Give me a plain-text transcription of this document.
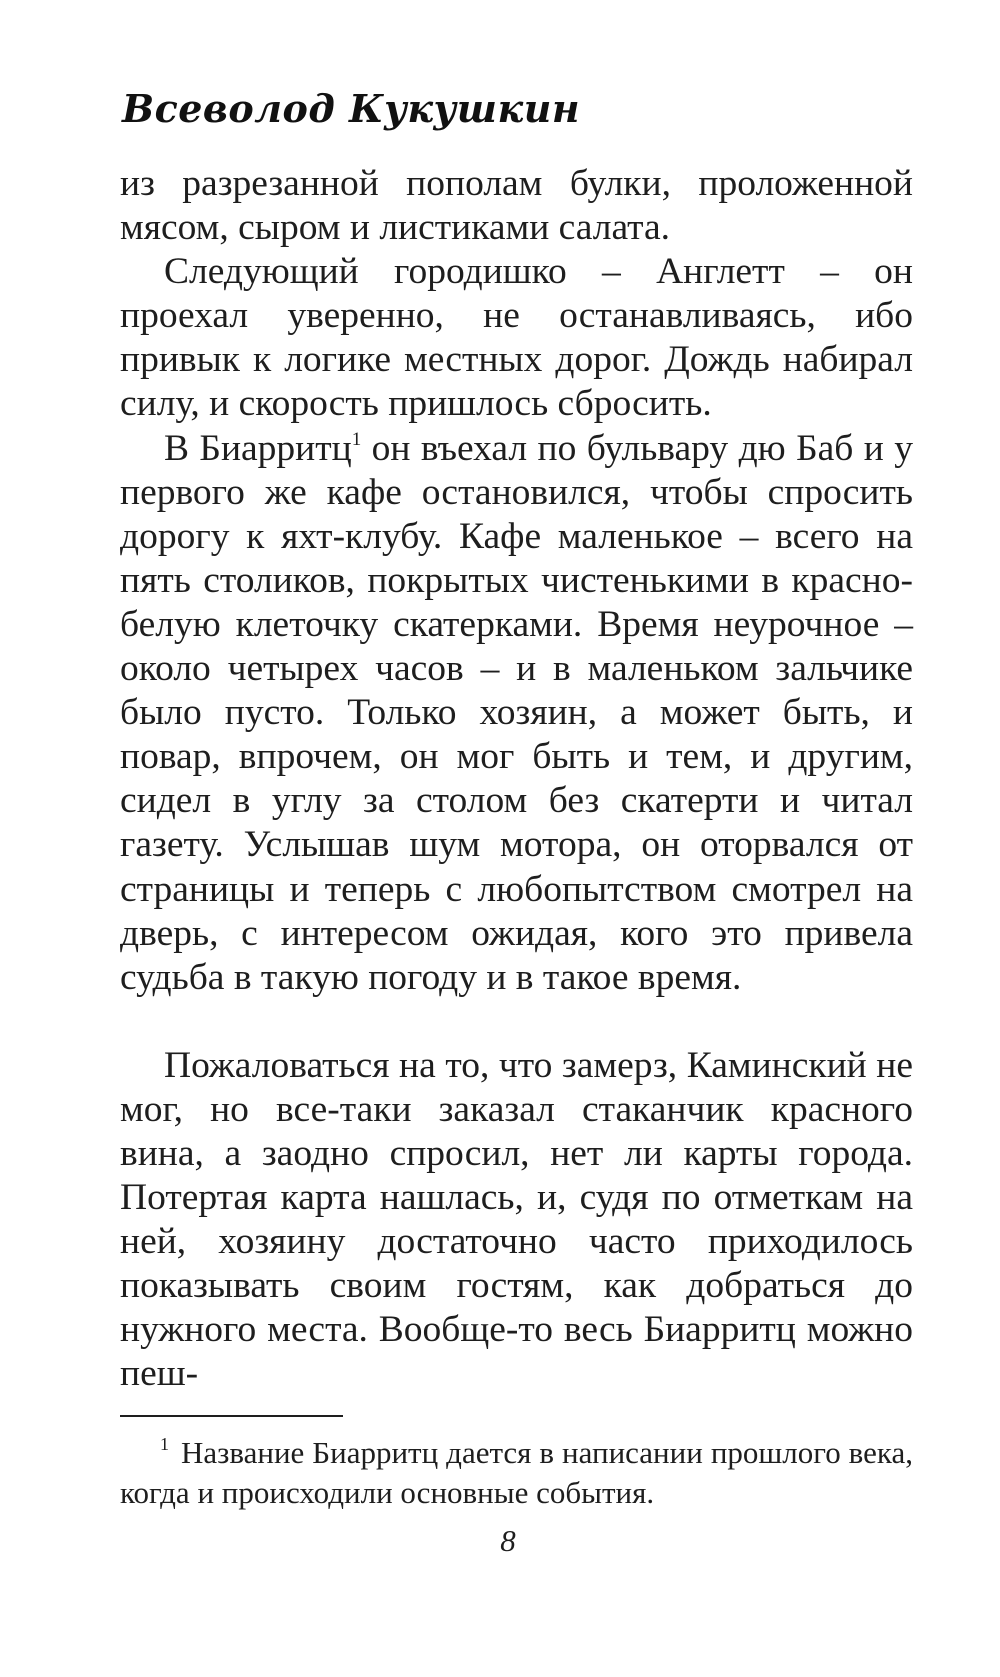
Всеволод Кукушкин

из разрезанной пополам булки, проложенной мясом, сыром и листиками салата.

Следующий городишко – Англетт – он проехал уверенно, не останавливаясь, ибо привык к логике местных дорог. Дождь набирал силу, и скорость пришлось сбросить.

В Биарритц$^1$ он въехал по бульвару дю Баб и у первого же кафе остановился, чтобы спросить дорогу к яхт-клубу. Кафе маленькое – всего на пять столиков, покрытых чистенькими в красно-белую клеточку скатерками. Время неурочное – около четырех часов – и в маленьком зальчике было пусто. Только хозяин, а может быть, и повар, впрочем, он мог быть и тем, и другим, сидел в углу за столом без скатерти и читал газету. Услышав шум мотора, он оторвался от страницы и теперь с любопытством смотрел на дверь, с интересом ожидая, кого это привела судьба в такую погоду и в такое время.

Пожаловаться на то, что замерз, Каминский не мог, но все-таки заказал стаканчик красного вина, а заодно спросил, нет ли карты города. Потертая карта нашлась, и, судя по отметкам на ней, хозяину достаточно часто приходилось показывать своим гостям, как добраться до нужного места. Вообще-то весь Биарритц можно пеш-

$^1$ Название Биарритц дается в написании прошлого века, когда и происходили основные события.
8
